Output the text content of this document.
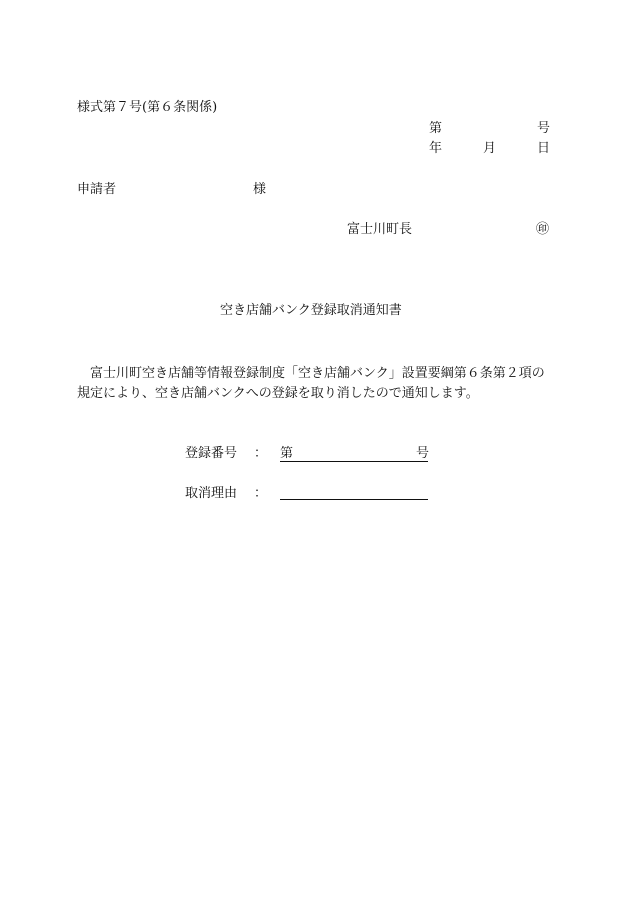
様式第７号(第６条関係)
第	号
年	月	日
申請者	様
富士川町長	㊞
空き店舗バンク登録取消通知書
富士川町空き店舗等情報登録制度「空き店舗バンク」設置要綱第６条第２項の規定により、空き店舗バンクへの登録を取り消したので通知します。
登録番号 ： 第	号
取消理由 ：
